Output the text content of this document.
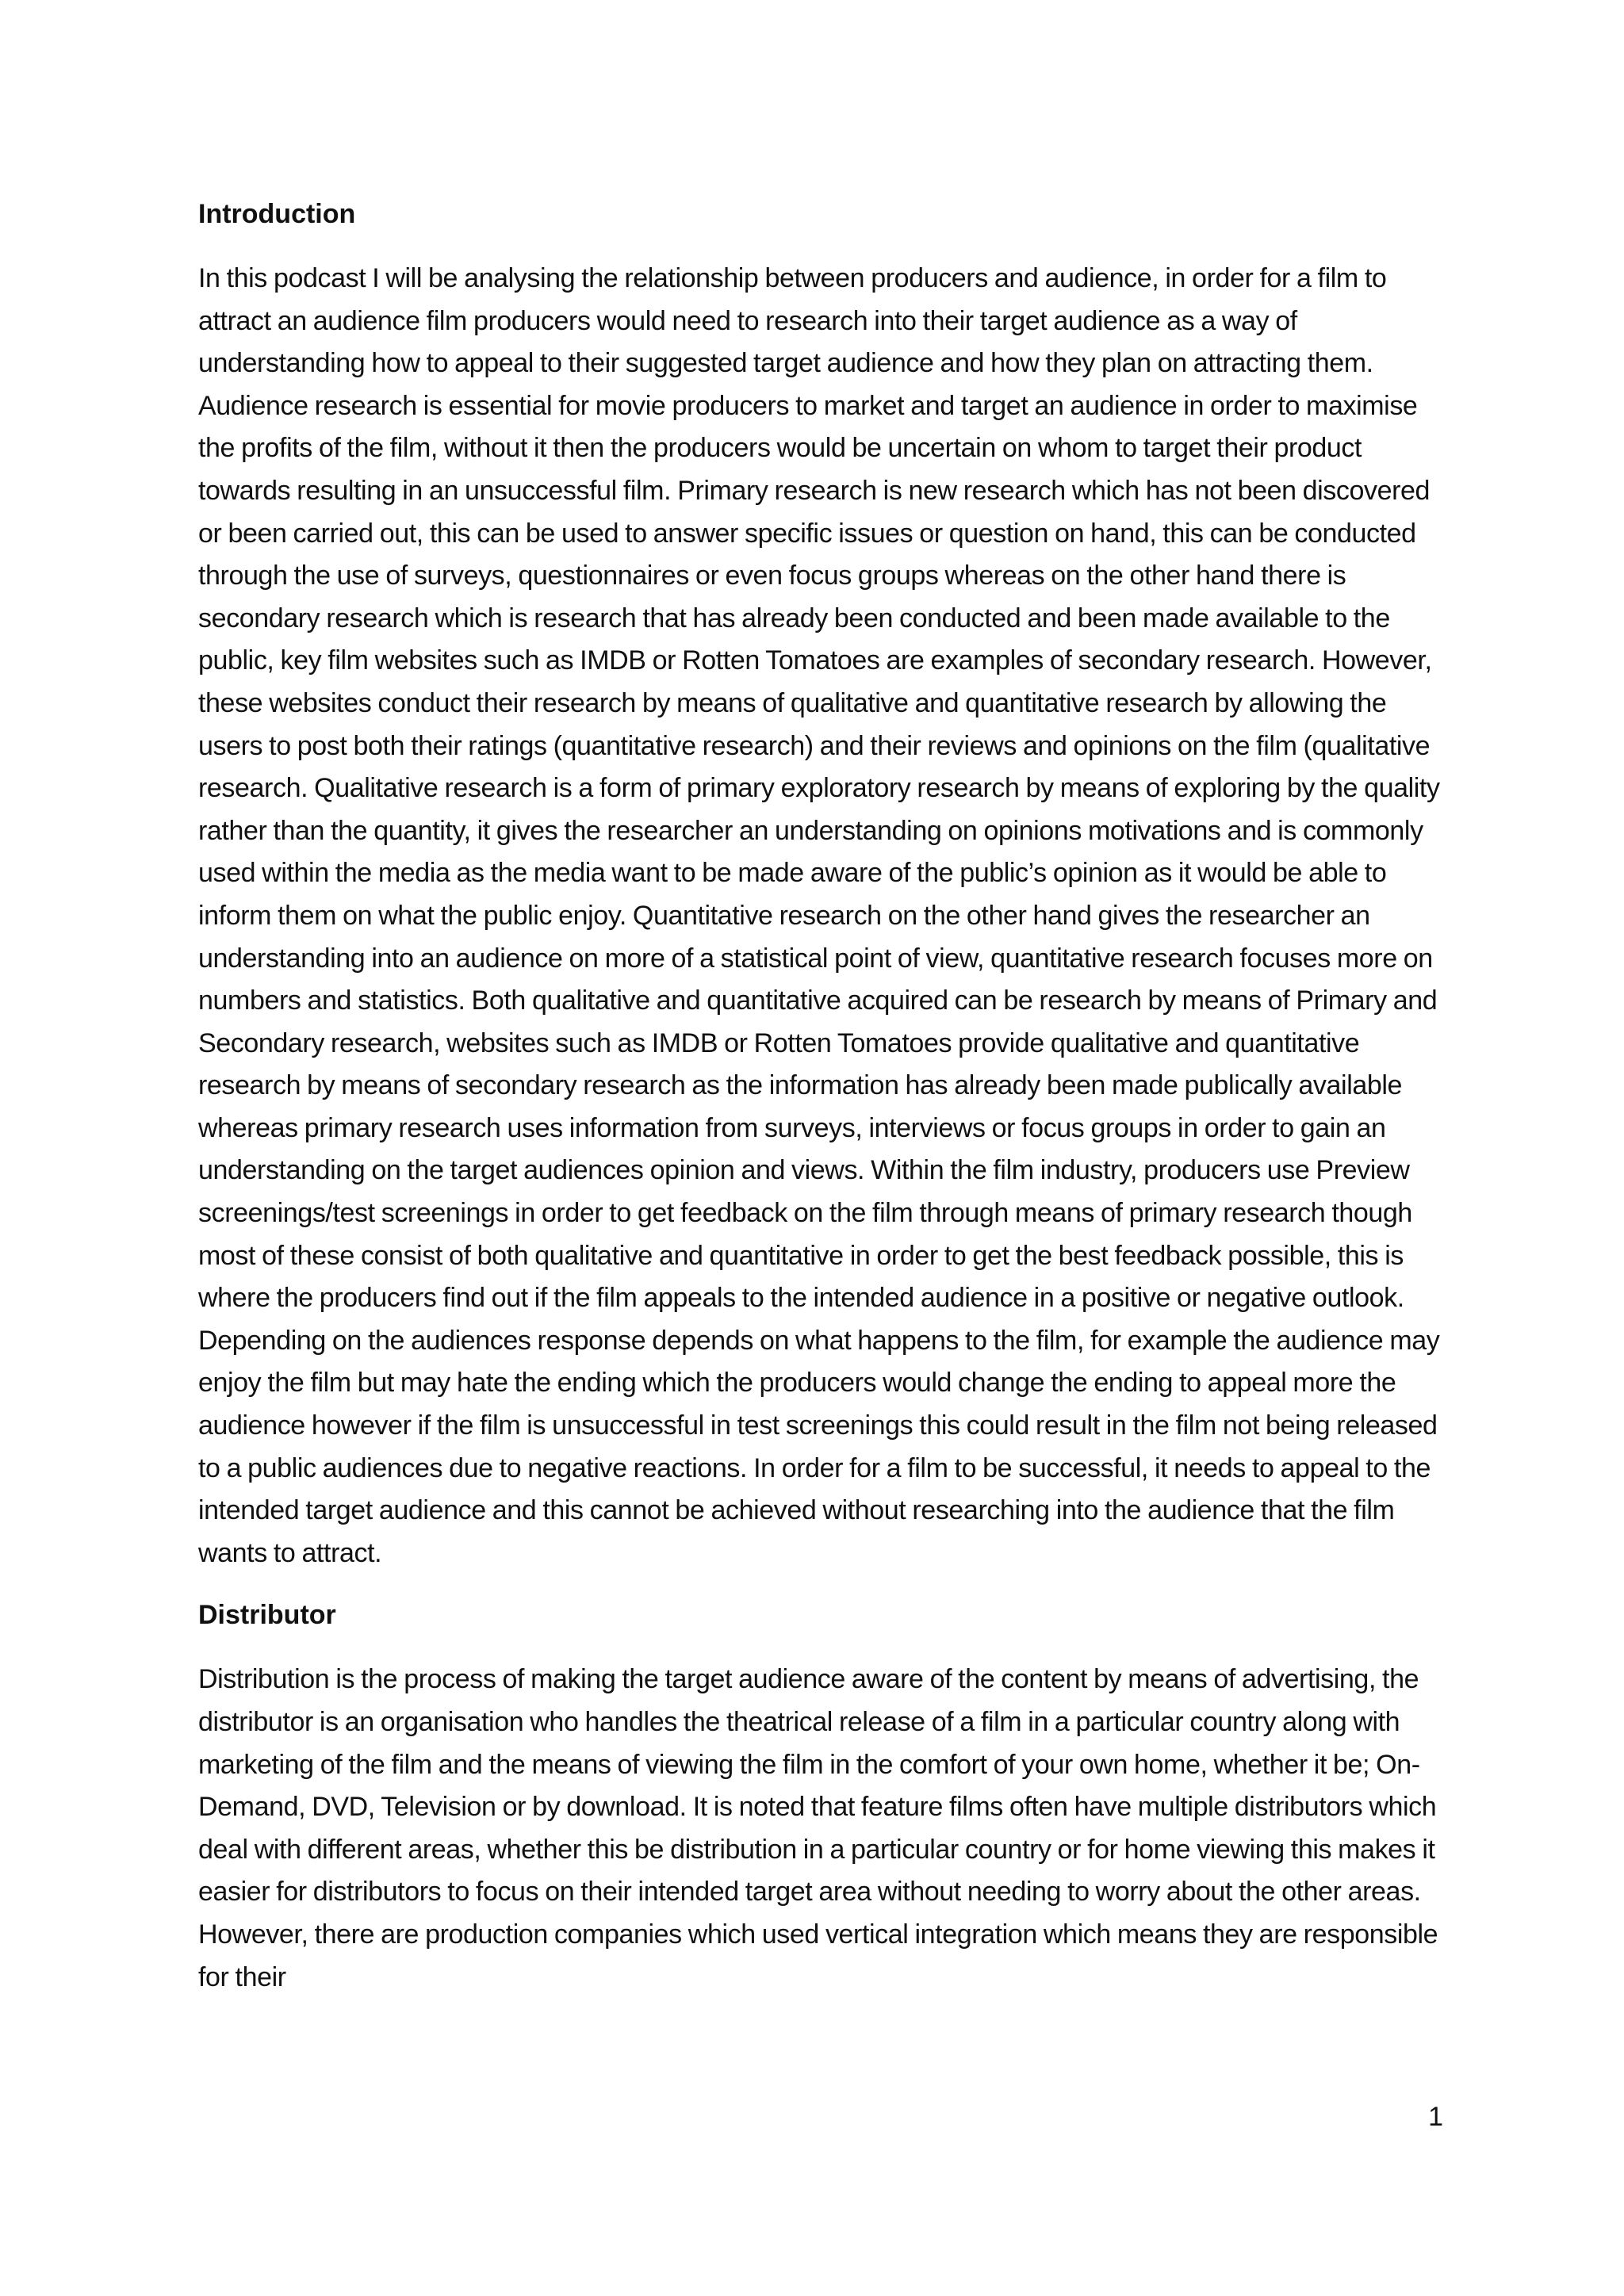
Introduction

In this podcast I will be analysing the relationship between producers and audience, in order for a film to attract an audience film producers would need to research into their target audience as a way of understanding how to appeal to their suggested target audience and how they plan on attracting them. Audience research is essential for movie producers to market and target an audience in order to maximise the profits of the film, without it then the producers would be uncertain on whom to target their product towards resulting in an unsuccessful film. Primary research is new research which has not been discovered or been carried out, this can be used to answer specific issues or question on hand, this can be conducted through the use of surveys, questionnaires or even focus groups whereas on the other hand there is secondary research which is research that has already been conducted and been made available to the public, key film websites such as IMDB or Rotten Tomatoes are examples of secondary research. However, these websites conduct their research by means of qualitative and quantitative research by allowing the users to post both their ratings (quantitative research) and their reviews and opinions on the film (qualitative research. Qualitative research is a form of primary exploratory research by means of exploring by the quality rather than the quantity, it gives the researcher an understanding on opinions motivations and is commonly used within the media as the media want to be made aware of the public’s opinion as it would be able to inform them on what the public enjoy. Quantitative research on the other hand gives the researcher an understanding into an audience on more of a statistical point of view, quantitative research focuses more on numbers and statistics. Both qualitative and quantitative acquired can be research by means of Primary and Secondary research, websites such as IMDB or Rotten Tomatoes provide qualitative and quantitative research by means of secondary research as the information has already been made publically available whereas primary research uses information from surveys, interviews or focus groups in order to gain an understanding on the target audiences opinion and views. Within the film industry, producers use Preview screenings/test screenings in order to get feedback on the film through means of primary research though most of these consist of both qualitative and quantitative in order to get the best feedback possible, this is where the producers find out if the film appeals to the intended audience in a positive or negative outlook. Depending on the audiences response depends on what happens to the film, for example the audience may enjoy the film but may hate the ending which the producers would change the ending to appeal more the audience however if the film is unsuccessful in test screenings this could result in the film not being released to a public audiences due to negative reactions. In order for a film to be successful, it needs to appeal to the intended target audience and this cannot be achieved without researching into the audience that the film wants to attract.

Distributor

Distribution is the process of making the target audience aware of the content by means of advertising, the distributor is an organisation who handles the theatrical release of a film in a particular country along with marketing of the film and the means of viewing the film in the comfort of your own home, whether it be; On-Demand, DVD, Television or by download. It is noted that feature films often have multiple distributors which deal with different areas, whether this be distribution in a particular country or for home viewing this makes it easier for distributors to focus on their intended target area without needing to worry about the other areas. However, there are production companies which used vertical integration which means they are responsible for their

1
